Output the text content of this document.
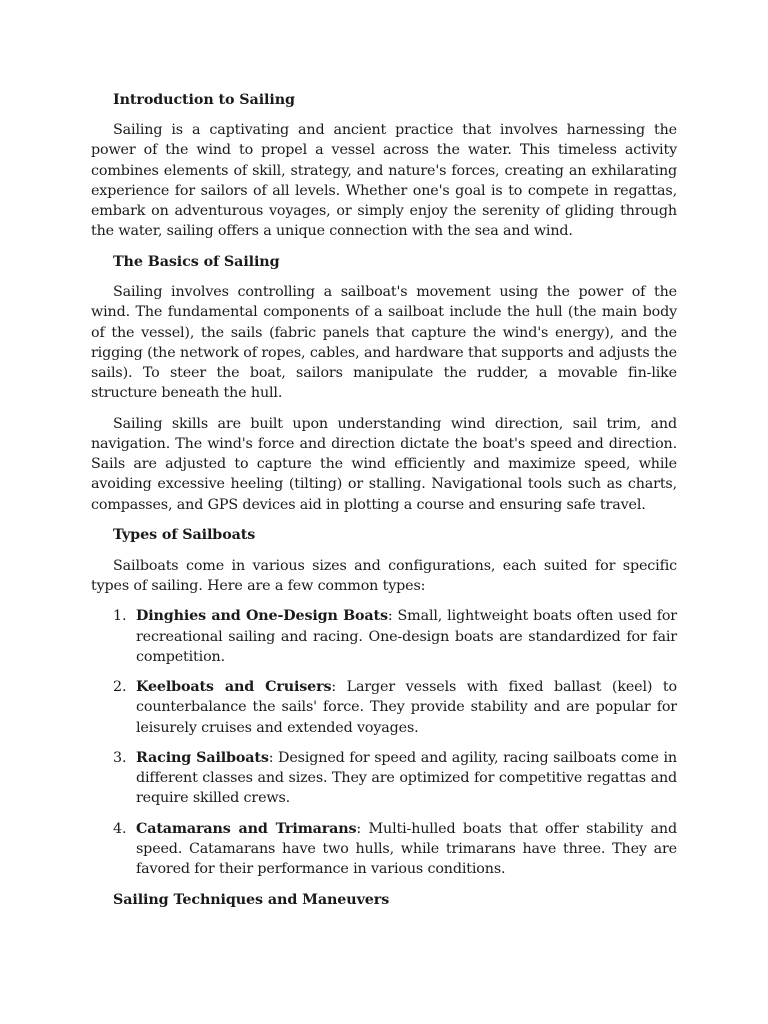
Introduction to Sailing

Sailing is a captivating and ancient practice that involves harnessing the power of the wind to propel a vessel across the water. This timeless activity combines elements of skill, strategy, and nature's forces, creating an exhilarating experience for sailors of all levels. Whether one's goal is to compete in regattas, embark on adventurous voyages, or simply enjoy the serenity of gliding through the water, sailing offers a unique connection with the sea and wind.

The Basics of Sailing

Sailing involves controlling a sailboat's movement using the power of the wind. The fundamental components of a sailboat include the hull (the main body of the vessel), the sails (fabric panels that capture the wind's energy), and the rigging (the network of ropes, cables, and hardware that supports and adjusts the sails). To steer the boat, sailors manipulate the rudder, a movable fin-like structure beneath the hull.

Sailing skills are built upon understanding wind direction, sail trim, and navigation. The wind's force and direction dictate the boat's speed and direction. Sails are adjusted to capture the wind efficiently and maximize speed, while avoiding excessive heeling (tilting) or stalling. Navigational tools such as charts, compasses, and GPS devices aid in plotting a course and ensuring safe travel.

Types of Sailboats

Sailboats come in various sizes and configurations, each suited for specific types of sailing. Here are a few common types:

1. Dinghies and One-Design Boats: Small, lightweight boats often used for recreational sailing and racing. One-design boats are standardized for fair competition.
2. Keelboats and Cruisers: Larger vessels with fixed ballast (keel) to counterbalance the sails' force. They provide stability and are popular for leisurely cruises and extended voyages.
3. Racing Sailboats: Designed for speed and agility, racing sailboats come in different classes and sizes. They are optimized for competitive regattas and require skilled crews.
4. Catamarans and Trimarans: Multi-hulled boats that offer stability and speed. Catamarans have two hulls, while trimarans have three. They are favored for their performance in various conditions.
Sailing Techniques and Maneuvers
